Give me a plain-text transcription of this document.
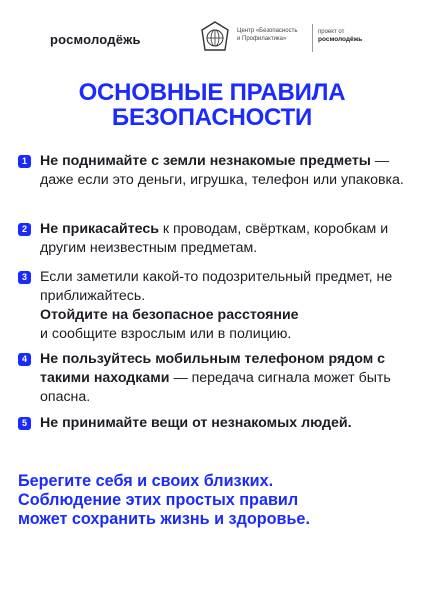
росмолодёжь
Центр «Безопасность
и Профилактика»
проект от
росмолодёжь
ОСНОВНЫЕ ПРАВИЛА
БЕЗОПАСНОСТИ
1 Не поднимайте с земли незнакомые предметы — даже если это деньги, игрушка, телефон или упаковка.
2 Не прикасайтесь к проводам, свёрткам, коробкам и другим неизвестным предметам.
3 Если заметили какой-то подозрительный предмет, не приближайтесь.
Отойдите на безопасное расстояние
и сообщите взрослым или в полицию.
4 Не пользуйтесь мобильным телефоном рядом с такими находками — передача сигнала может быть опасна.
5 Не принимайте вещи от незнакомых людей.
Берегите себя и своих близких.
Соблюдение этих простых правил
может сохранить жизнь и здоровье.
